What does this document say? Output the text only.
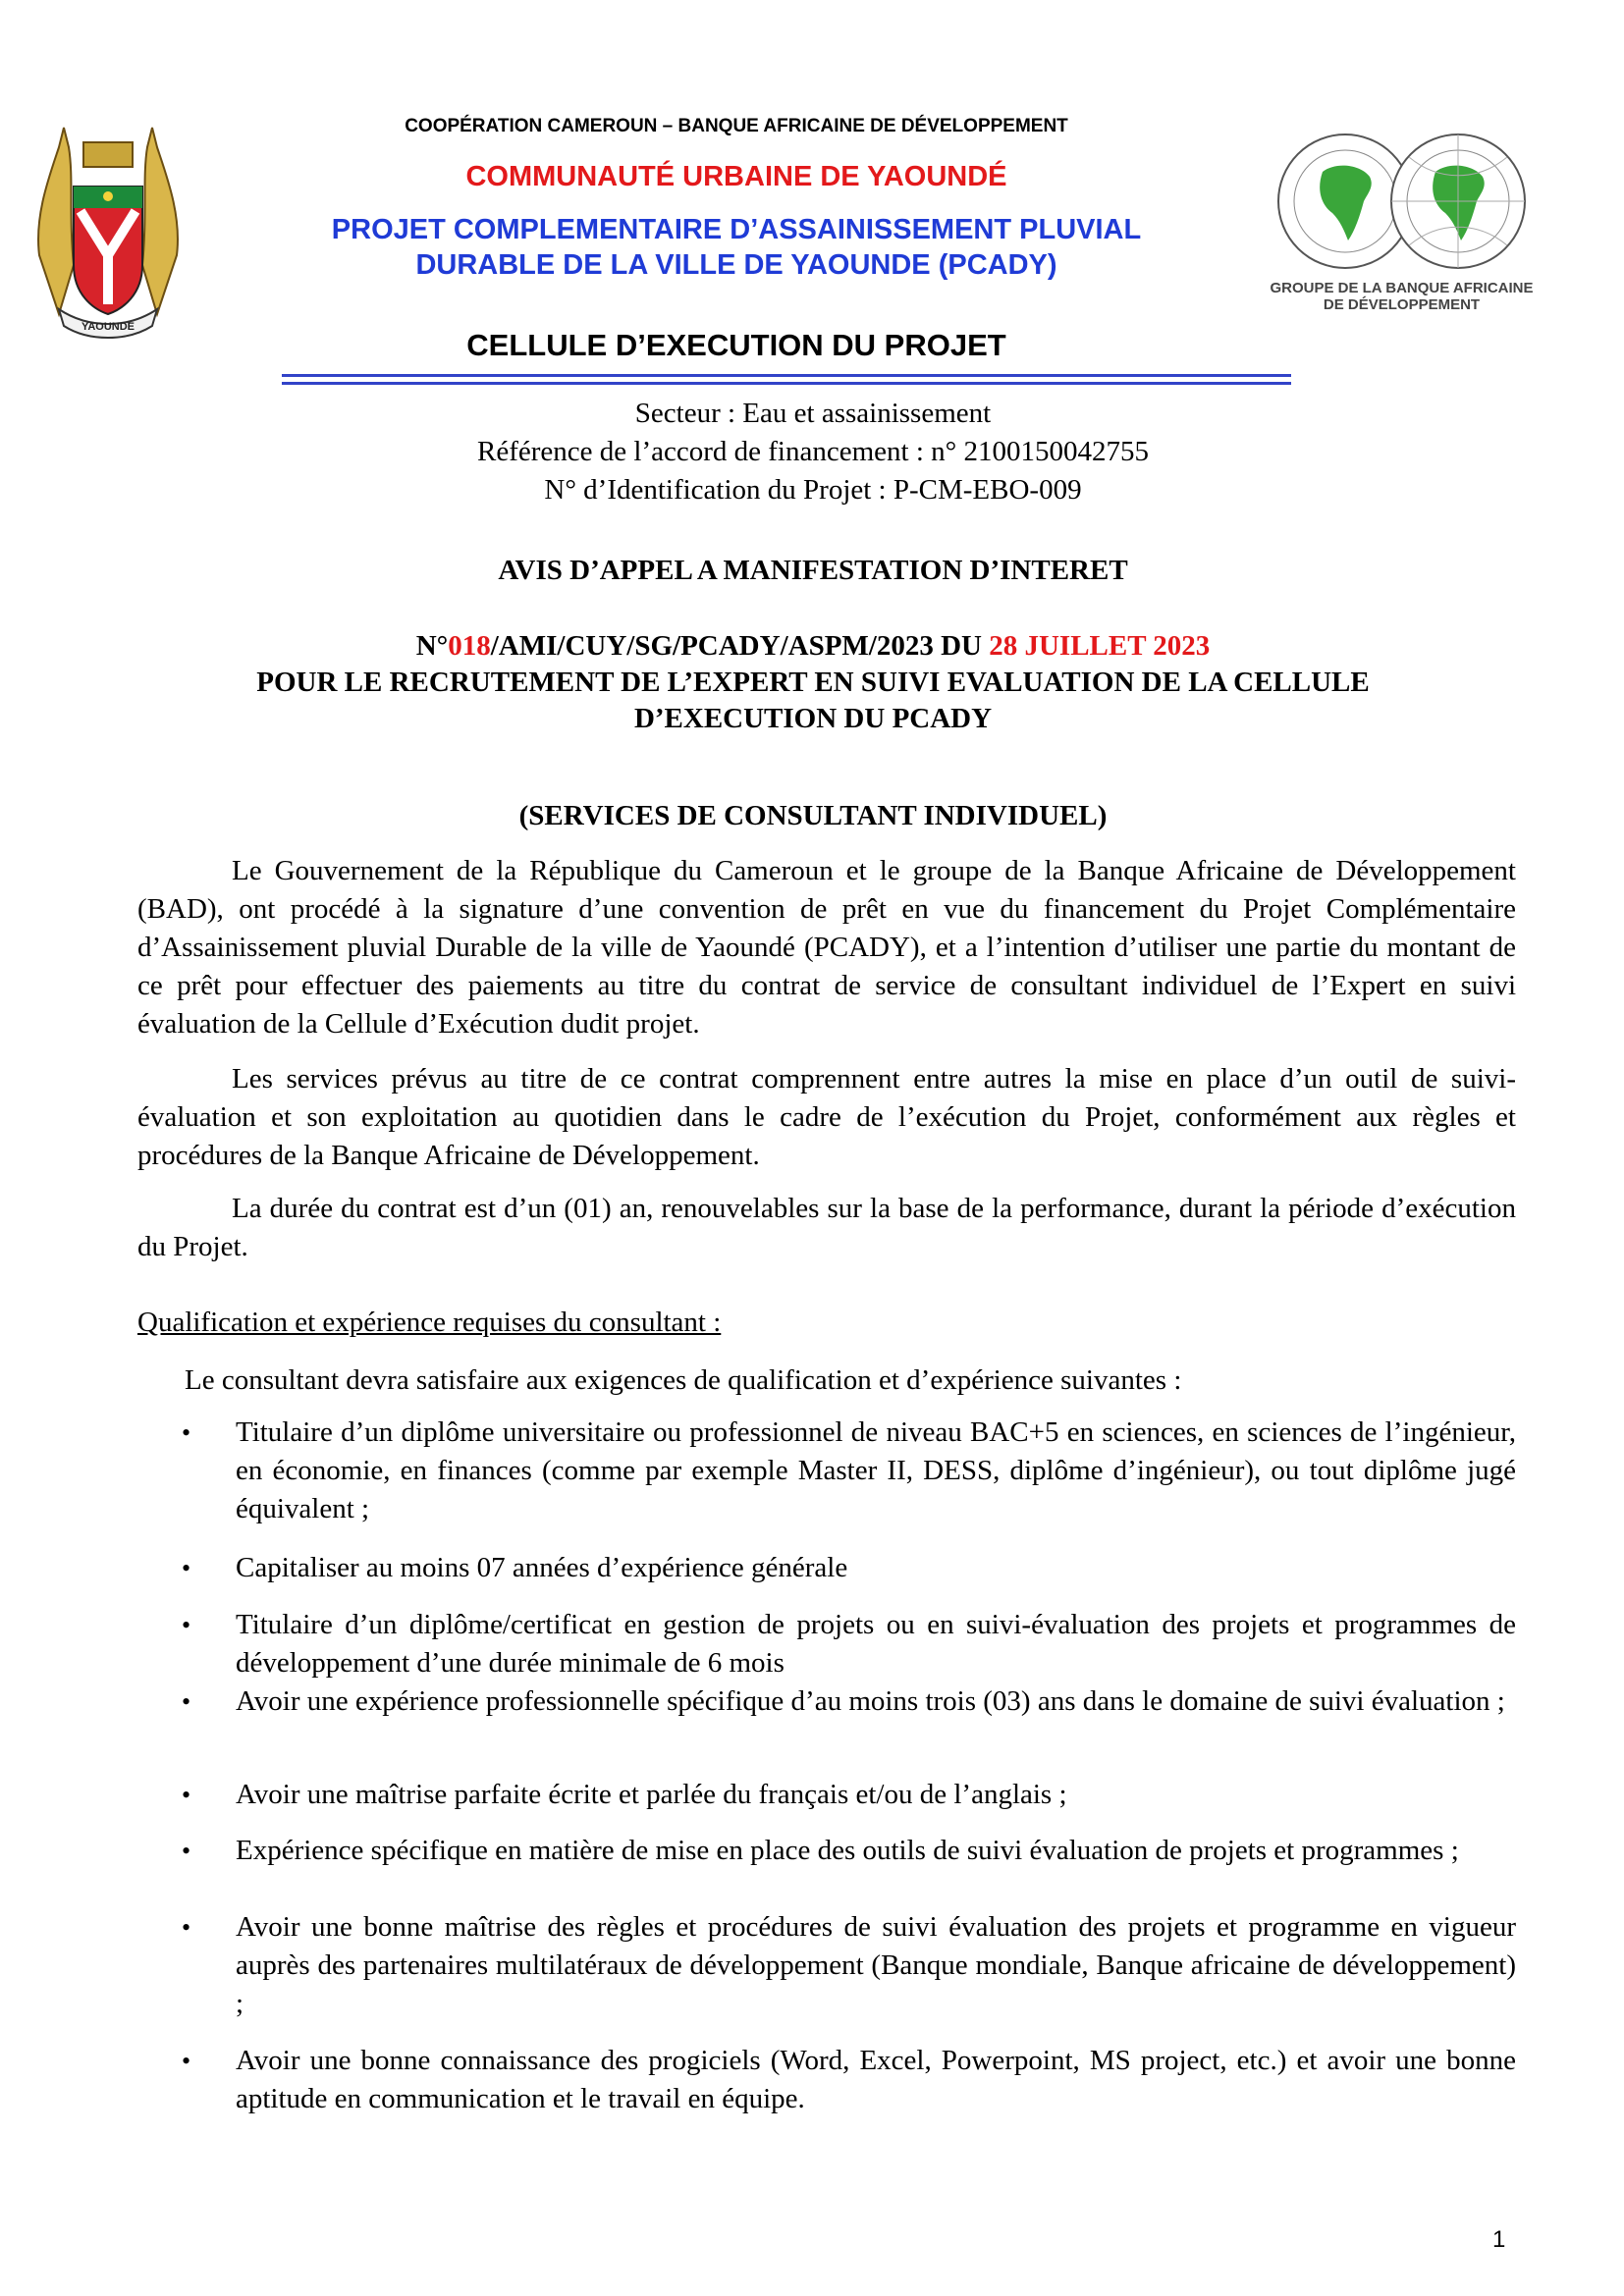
YAOUNDE
COOPÉRATION CAMEROUN – BANQUE AFRICAINE DE DÉVELOPPEMENT
COMMUNAUTÉ URBAINE DE YAOUNDÉ
PROJET COMPLEMENTAIRE D’ASSAINISSEMENT PLUVIAL
DURABLE DE LA VILLE DE YAOUNDE (PCADY)
CELLULE D’EXECUTION DU PROJET
GROUPE DE LA BANQUE AFRICAINE
DE DÉVELOPPEMENT
Secteur : Eau et assainissement
Référence de l’accord de financement : n° 2100150042755
N° d’Identification du Projet : P-CM-EBO-009
AVIS D’APPEL A MANIFESTATION D’INTERET
N°018/AMI/CUY/SG/PCADY/ASPM/2023 DU 28 JUILLET 2023
POUR LE RECRUTEMENT DE L’EXPERT EN SUIVI EVALUATION DE LA CELLULE
D’EXECUTION DU PCADY
(SERVICES DE CONSULTANT INDIVIDUEL)

Le Gouvernement de la République du Cameroun et le groupe de la Banque Africaine de Développement (BAD), ont procédé à la signature d’une convention de prêt en vue du financement du Projet Complémentaire d’Assainissement pluvial Durable de la ville de Yaoundé (PCADY), et a l’intention d’utiliser une partie du montant de ce prêt pour effectuer des paiements au titre du contrat de service de consultant individuel de l’Expert en suivi évaluation de la Cellule d’Exécution dudit projet.

Les services prévus au titre de ce contrat comprennent entre autres la mise en place d’un outil de suivi-évaluation et son exploitation au quotidien dans le cadre de l’exécution du Projet, conformément aux règles et procédures de la Banque Africaine de Développement.

La durée du contrat est d’un (01) an, renouvelables sur la base de la performance, durant la période d’exécution du Projet.

Qualification et expérience requises du consultant :
Le consultant devra satisfaire aux exigences de qualification et d’expérience suivantes :
•	Titulaire d’un diplôme universitaire ou professionnel de niveau BAC+5 en sciences, en sciences de l’ingénieur, en économie, en finances (comme par exemple Master II, DESS, diplôme d’ingénieur), ou tout diplôme jugé équivalent ;
•	Capitaliser au moins 07 années d’expérience générale
•	Titulaire d’un diplôme/certificat en gestion de projets ou en suivi-évaluation des projets et programmes de développement d’une durée minimale de 6 mois
•	Avoir une expérience professionnelle spécifique d’au moins trois (03) ans dans le domaine de suivi évaluation ;
•	Avoir une maîtrise parfaite écrite et parlée du français et/ou de l’anglais ;
•	Expérience spécifique en matière de mise en place des outils de suivi évaluation de projets et programmes ;
•	Avoir une bonne maîtrise des règles et procédures de suivi évaluation des projets et programme en vigueur auprès des partenaires multilatéraux de développement (Banque mondiale, Banque africaine de développement) ;
•	Avoir une bonne connaissance des progiciels (Word, Excel, Powerpoint, MS project, etc.) et avoir une bonne aptitude en communication et le travail en équipe.
1
